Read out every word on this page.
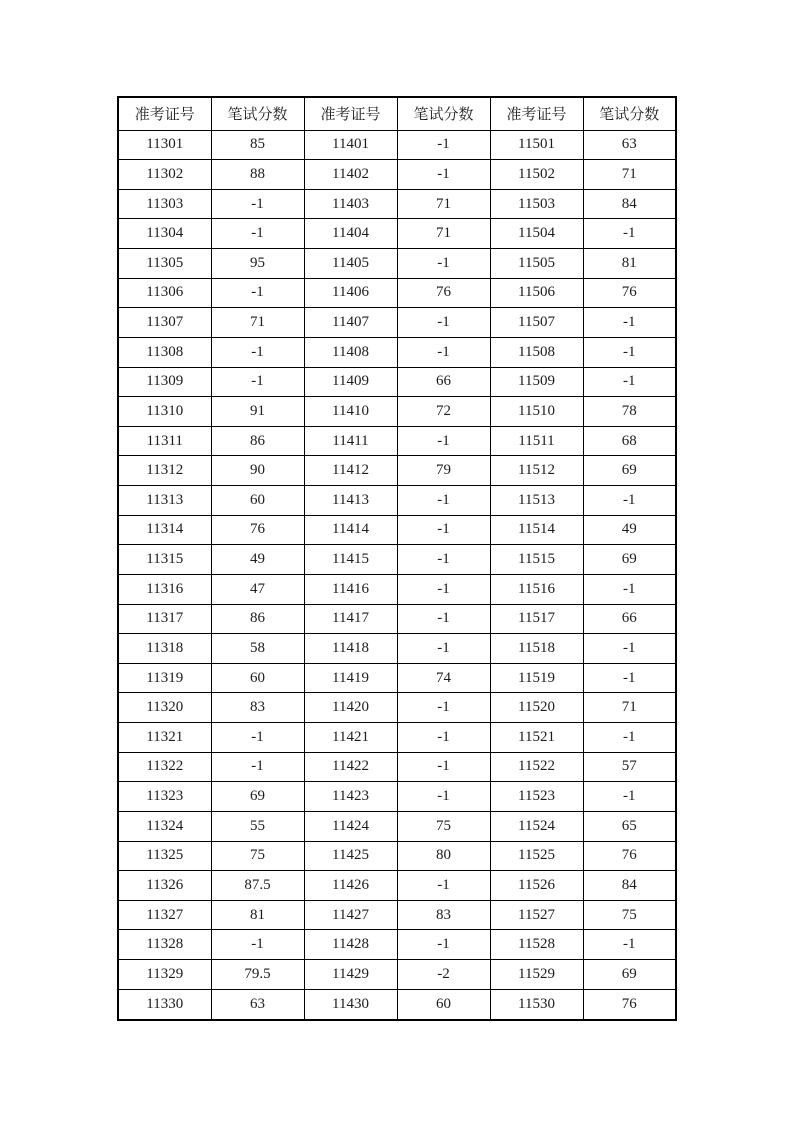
准考证号	笔试分数	准考证号	笔试分数	准考证号	笔试分数
11301	85	11401	-1	11501	63
11302	88	11402	-1	11502	71
11303	-1	11403	71	11503	84
11304	-1	11404	71	11504	-1
11305	95	11405	-1	11505	81
11306	-1	11406	76	11506	76
11307	71	11407	-1	11507	-1
11308	-1	11408	-1	11508	-1
11309	-1	11409	66	11509	-1
11310	91	11410	72	11510	78
11311	86	11411	-1	11511	68
11312	90	11412	79	11512	69
11313	60	11413	-1	11513	-1
11314	76	11414	-1	11514	49
11315	49	11415	-1	11515	69
11316	47	11416	-1	11516	-1
11317	86	11417	-1	11517	66
11318	58	11418	-1	11518	-1
11319	60	11419	74	11519	-1
11320	83	11420	-1	11520	71
11321	-1	11421	-1	11521	-1
11322	-1	11422	-1	11522	57
11323	69	11423	-1	11523	-1
11324	55	11424	75	11524	65
11325	75	11425	80	11525	76
11326	87.5	11426	-1	11526	84
11327	81	11427	83	11527	75
11328	-1	11428	-1	11528	-1
11329	79.5	11429	-2	11529	69
11330	63	11430	60	11530	76
